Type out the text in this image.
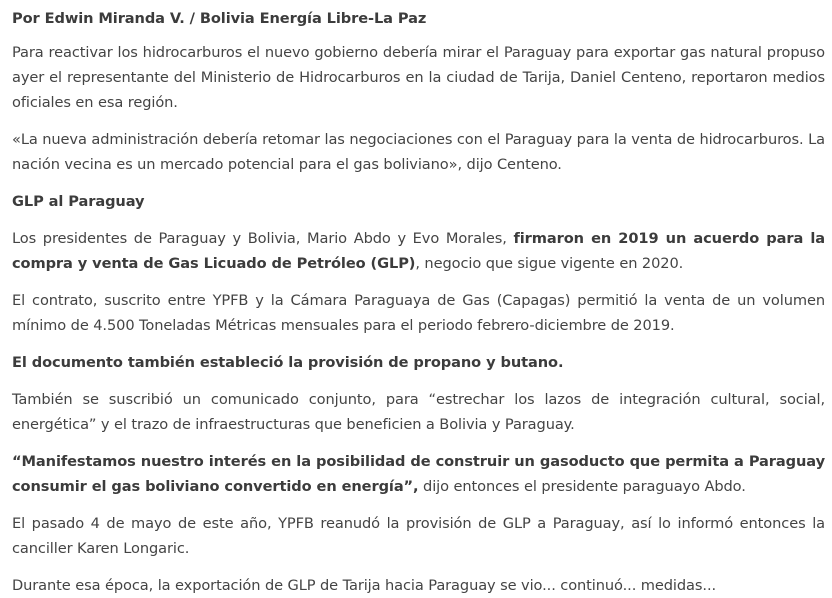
Por Edwin Miranda V. / Bolivia Energía Libre-La Paz

Para reactivar los hidrocarburos el nuevo gobierno debería mirar el Paraguay para exportar gas natural propuso ayer el representante del Ministerio de Hidrocarburos en la ciudad de Tarija, Daniel Centeno, reportaron medios oficiales en esa región.

«La nueva administración debería retomar las negociaciones con el Paraguay para la venta de hidrocarburos. La nación vecina es un mercado potencial para el gas boliviano», dijo Centeno.

GLP al Paraguay

Los presidentes de Paraguay y Bolivia, Mario Abdo y Evo Morales, firmaron en 2019 un acuerdo para la compra y venta de Gas Licuado de Petróleo (GLP), negocio que sigue vigente en 2020.

El contrato, suscrito entre YPFB y la Cámara Paraguaya de Gas (Capagas) permitió la venta de un volumen mínimo de 4.500 Toneladas Métricas mensuales para el periodo febrero-diciembre de 2019.

El documento también estableció la provisión de propano y butano.

También se suscribió un comunicado conjunto, para “estrechar los lazos de integración cultural, social, energética” y el trazo de infraestructuras que beneficien a Bolivia y Paraguay.

“Manifestamos nuestro interés en la posibilidad de construir un gasoducto que permita a Paraguay consumir el gas boliviano convertido en energía”, dijo entonces el presidente paraguayo Abdo.

El pasado 4 de mayo de este año, YPFB reanudó la provisión de GLP a Paraguay, así lo informó entonces la canciller Karen Longaric.

Durante esa época, la exportación de GLP de Tarija hacia Paraguay se vio... continuó... medidas...
